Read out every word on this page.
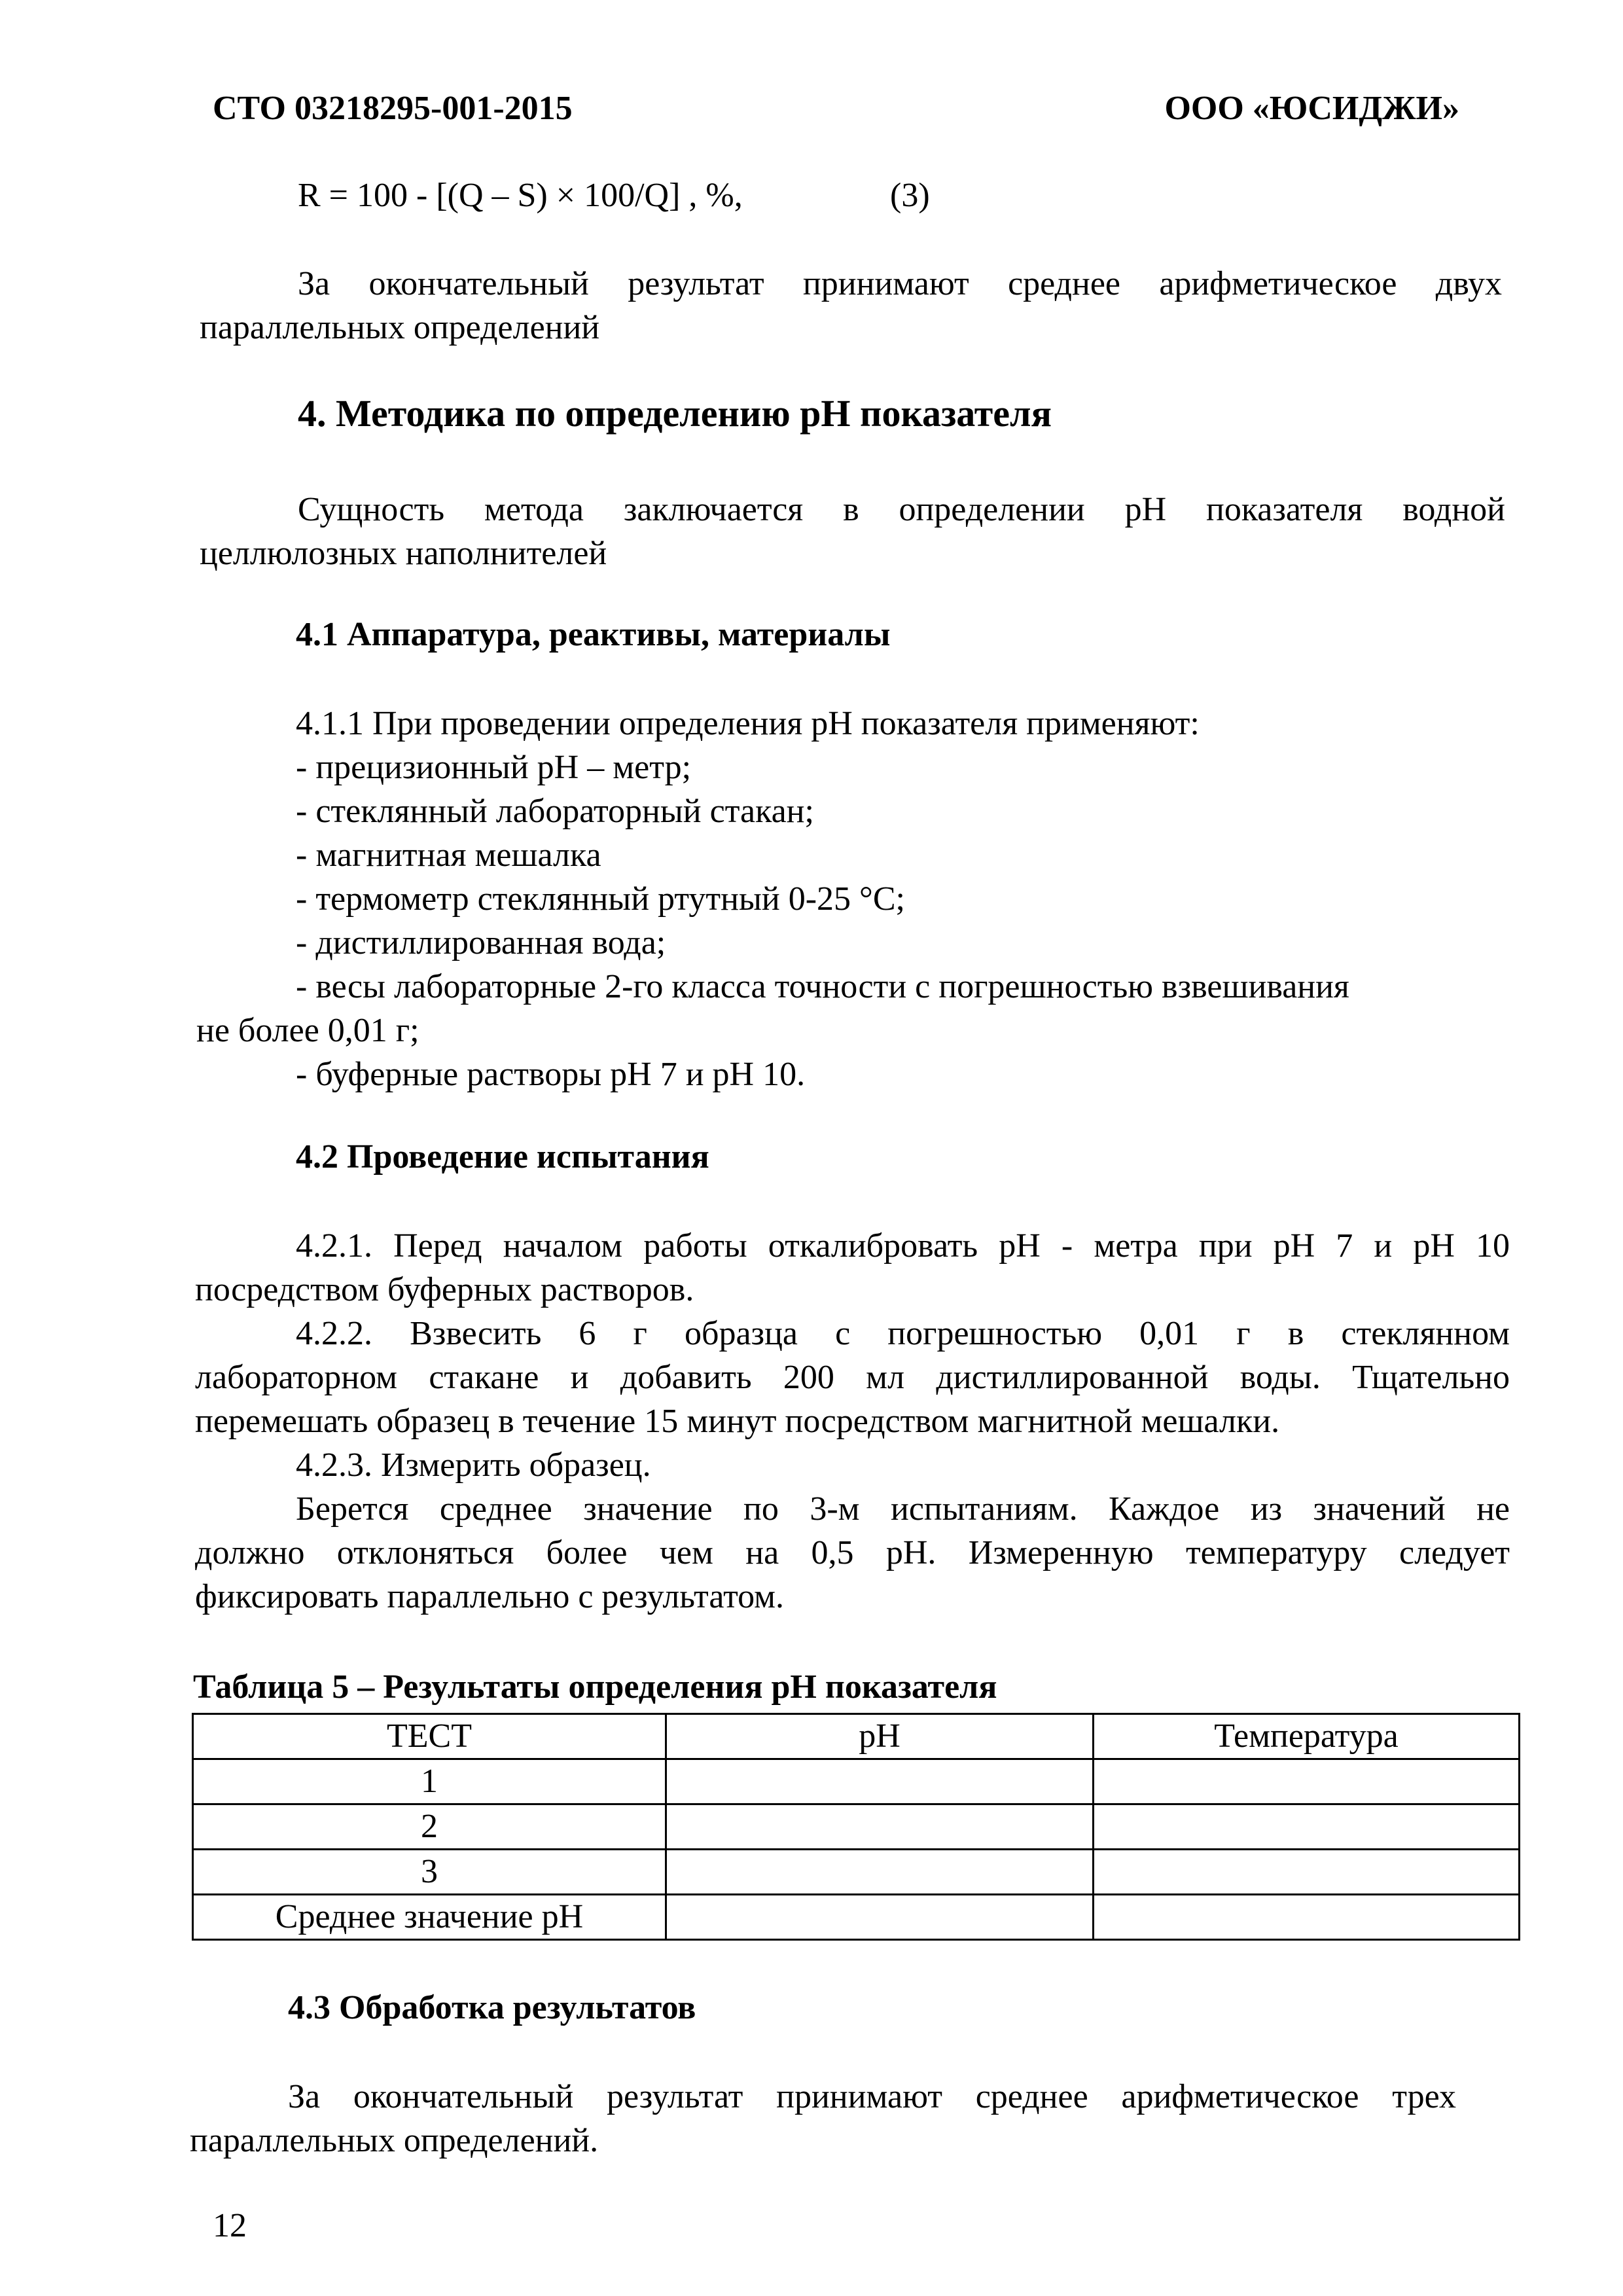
СТО 03218295-001-2015	ООО «ЮСИДЖИ»
R = 100 - [(Q – S) × 100/Q] , %,	(3)
За окончательный результат принимают среднее арифметическое двух
параллельных определений
4. Методика по определению рН показателя
Сущность метода заключается в определении рН показателя водной
целлюлозных наполнителей
4.1 Аппаратура, реактивы, материалы
4.1.1 При проведении определения рН показателя применяют:
- прецизионный рН – метр;
- стеклянный лабораторный стакан;
- магнитная мешалка
- термометр стеклянный ртутный 0-25 °С;
- дистиллированная вода;
- весы лабораторные 2-го класса точности с погрешностью взвешивания
не более 0,01 г;
- буферные растворы рН 7 и рН 10.
4.2 Проведение испытания
4.2.1. Перед началом работы откалибровать рН - метра при рН 7 и рН 10
посредством буферных растворов.
4.2.2. Взвесить 6 г образца с погрешностью 0,01 г в стеклянном
лабораторном стакане и добавить 200 мл дистиллированной воды. Тщательно
перемешать образец в течение 15 минут посредством магнитной мешалки.
4.2.3. Измерить образец.
Берется среднее значение по 3-м испытаниям. Каждое из значений не
должно отклоняться более чем на 0,5 рН. Измеренную температуру следует
фиксировать параллельно с результатом.
Таблица 5 – Результаты определения рН показателя
ТЕСТ	рН	Температура
1		
2		
3		
Среднее значение рН		
4.3 Обработка результатов
За окончательный результат принимают среднее арифметическое трех
параллельных определений.
12
